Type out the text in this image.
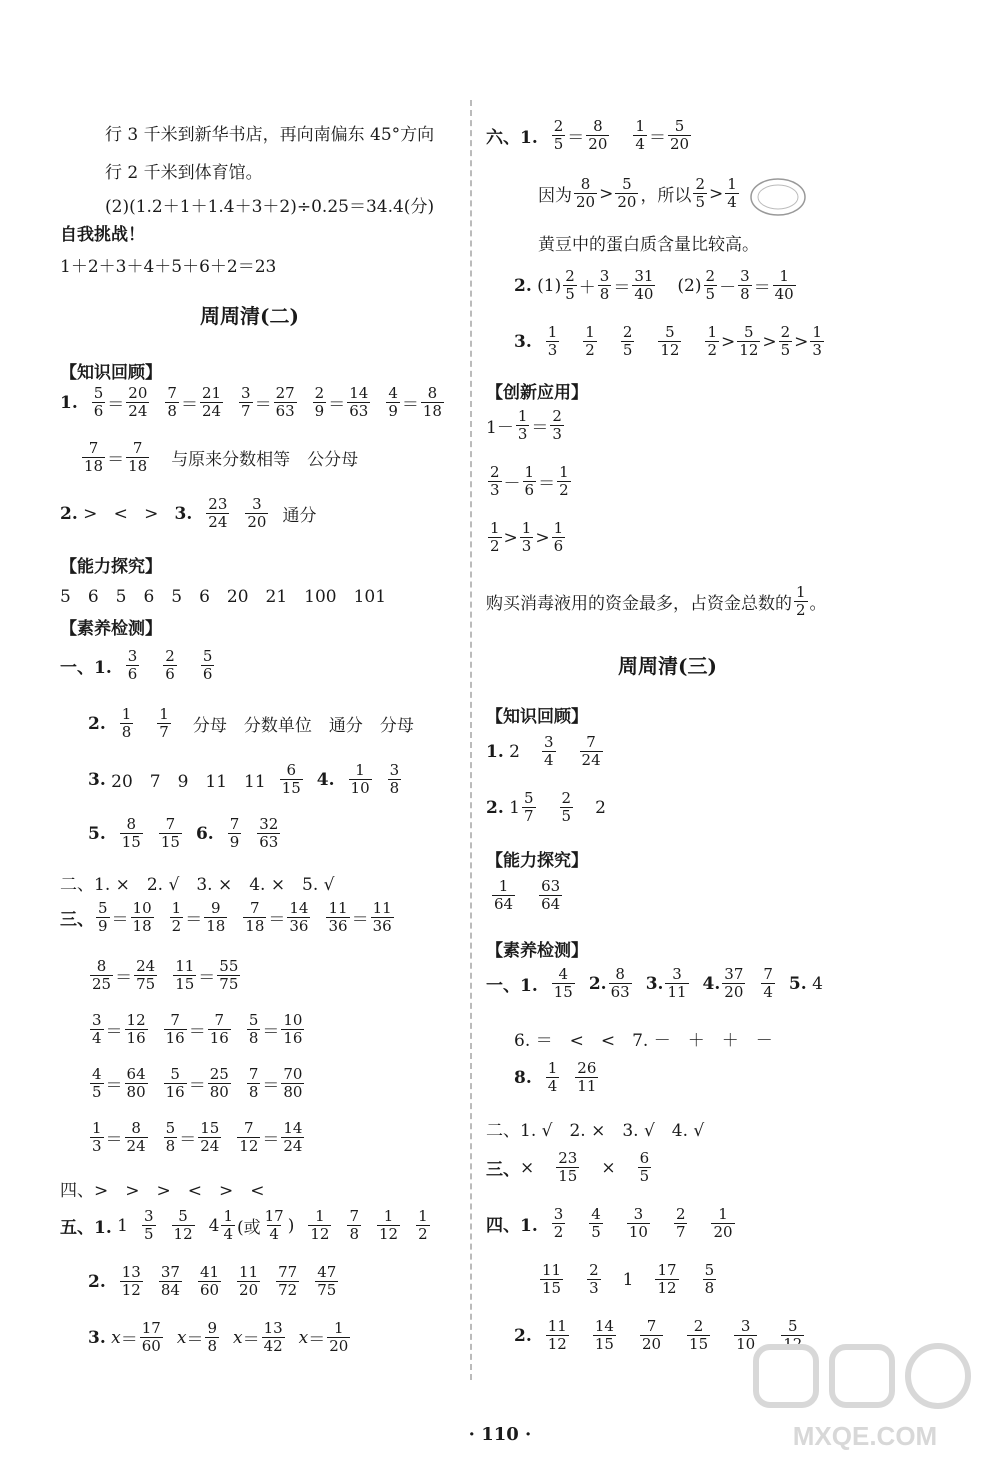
行 3 千米到新华书店，再向南偏东 45°方向
行 2 千米到体育馆。
(2)(1.2＋1＋1.4＋3＋2)÷0.25＝34.4(分)
自我挑战！
1＋2＋3＋4＋5＋6＋2＝23
周周清(二)
【知识回顾】
1. $\frac{5}{6} = \frac{20}{24} \frac{7}{8} = \frac{21}{24} \frac{3}{7} = \frac{27}{63} \frac{2}{9} = \frac{14}{63} \frac{4}{9} = \frac{8}{18}$
$\frac{7}{18} = \frac{7}{18}$ 与原来分数相等　公分母
2. >   <   > 3. $\frac{23}{24} \frac{3}{20}$ 通分
【能力探究】
5　6　5　6　5　6　20　21　100　101
【素养检测】
一、1. $\frac{3}{6} \frac{2}{6} \frac{5}{6}$
2. $\frac{1}{8} \frac{1}{7}$ 分母　分数单位　通分　分母
3.
20　7　9　11　$11 \frac{6}{15} 4$. $\frac{1}{10} \frac{3}{8}$
5. $\frac{8}{15} \frac{7}{15} 6$. $\frac{7}{9} \frac{32}{63}$
二、1. ×　2. √　3. ×　4. ×　5. √
三、 $\frac{5}{9} = \frac{10}{18} \frac{1}{2} = \frac{9}{18} \frac{7}{18} = \frac{14}{36} \frac{11}{36} = \frac{11}{36}$
$\frac{8}{25} = \frac{24}{75} \frac{11}{15} = \frac{55}{75}$
$\frac{3}{4} = \frac{12}{16} \frac{7}{16} = \frac{7}{16} \frac{5}{8} = \frac{10}{16}$
$\frac{4}{5} = \frac{64}{80} \frac{5}{16} = \frac{25}{80} \frac{7}{8} = \frac{70}{80}$
$\frac{1}{3} = \frac{8}{24} \frac{5}{8} = \frac{15}{24} \frac{7}{12} = \frac{14}{24}$
四、>　>　>　<　>　<
五、1. $1 \frac{3}{5} \frac{5}{12} 4 \frac{1}{4}$ (或 $\frac{17}{4}$ ) $\frac{1}{12} \frac{7}{8} \frac{1}{12} \frac{1}{2}$
2. $\frac{13}{12} \frac{37}{84} \frac{41}{60} \frac{11}{20} \frac{77}{72} \frac{47}{75}$
3.
$x = \frac{17}{60}$ $x = \frac{9}{8}$ $x = \frac{13}{42}$ $x = \frac{1}{20}$
六、1. $\frac{2}{5} = \frac{8}{20} \frac{1}{4} = \frac{5}{20}$
因为 $\frac{8}{20} > \frac{5}{20}$ ，所以 $\frac{2}{5} > \frac{1}{4}$
黄豆中的蛋白质含量比较高。
2. $(1) \frac{2}{5} + \frac{3}{8} = \frac{31}{40} (2) \frac{2}{5} - \frac{3}{8} = \frac{1}{40}$
3. $\frac{1}{3} \frac{1}{2} \frac{2}{5} \frac{5}{12} \frac{1}{2} > \frac{5}{12} > \frac{2}{5} > \frac{1}{3}$
【创新应用】
$1- \frac{1}{3} = \frac{2}{3}$
$\frac{2}{3} - \frac{1}{6} = \frac{1}{2}$
$\frac{1}{2} > \frac{1}{3} > \frac{1}{6}$
购买消毒液用的资金最多，占资金总数的 $\frac{1}{2}$ 。
周周清(三)
【知识回顾】
1. $2 \frac{3}{4} \frac{7}{24}$
2. $1 \frac{5}{7} \frac{2}{5} 2$
【能力探究】
$\frac{1}{64} \frac{63}{64}$
【素养检测】
一、1. $\frac{4}{15} 2$. $\frac{8}{63} 3$. $\frac{3}{11} 4$. $\frac{37}{20} \frac{7}{4} 5$. 4
6. ＝　<　<　7. －　＋　＋　－
8. $\frac{1}{4} \frac{26}{11}$
二、1. √　2. ×　3. √　4. √
三、 × $\frac{23}{15} \times \frac{6}{5}$
四、1. $\frac{3}{2} \frac{4}{5} \frac{3}{10} \frac{2}{7} \frac{1}{20}$
$\frac{11}{15} \frac{2}{3} 1 \frac{17}{12} \frac{5}{8}$
2. $\frac{11}{12} \frac{14}{15} \frac{7}{20} \frac{2}{15} \frac{3}{10} \frac{5}{12}$
· 110 ·	MXQE.COM
